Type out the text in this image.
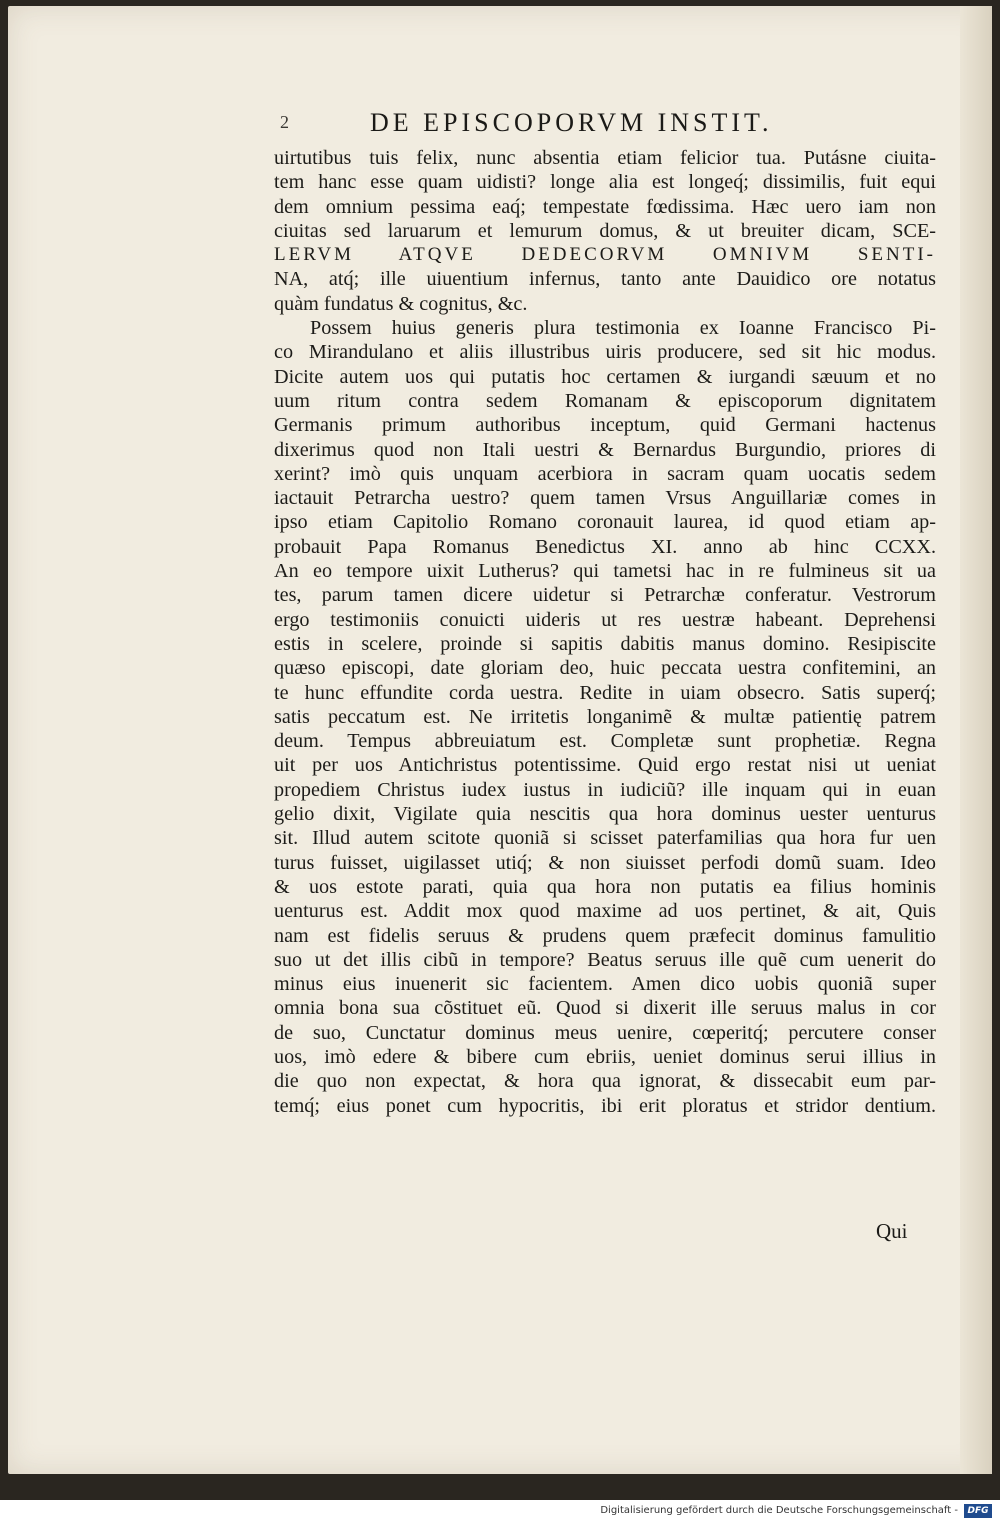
2	DE EPISCOPORVM INSTIT.
uirtutibus tuis felix, nunc absentia etiam felicior tua. Putásne ciuita-
tem hanc esse quam uidisti? longe alia est longeq́; dissimilis, fuit equi
dem omnium pessima eaq́; tempestate fœdissima. Hæc uero iam non
ciuitas sed laruarum et lemurum domus, & ut breuiter dicam, SCE-
LERVM ATQVE DEDECORVM OMNIVM SENTI-
NA, atq́; ille uiuentium infernus, tanto ante Dauidico ore notatus
quàm fundatus & cognitus, &c.
Possem huius generis plura testimonia ex Ioanne Francisco Pi-
co Mirandulano et aliis illustribus uiris producere, sed sit hic modus.
Dicite autem uos qui putatis hoc certamen & iurgandi sæuum et no
uum ritum contra sedem Romanam & episcoporum dignitatem
Germanis primum authoribus inceptum, quid Germani hactenus
dixerimus quod non Itali uestri & Bernardus Burgundio, priores di
xerint? imò quis unquam acerbiora in sacram quam uocatis sedem
iactauit Petrarcha uestro? quem tamen Vrsus Anguillariæ comes in
ipso etiam Capitolio Romano coronauit laurea, id quod etiam ap-
probauit Papa Romanus Benedictus XI. anno ab hinc CCXX.
An eo tempore uixit Lutherus? qui tametsi hac in re fulmineus sit ua
tes, parum tamen dicere uidetur si Petrarchæ conferatur. Vestrorum
ergo testimoniis conuicti uideris ut res uestræ habeant. Deprehensi
estis in scelere, proinde si sapitis dabitis manus domino. Resipiscite
quæso episcopi, date gloriam deo, huic peccata uestra confitemini, an
te hunc effundite corda uestra. Redite in uiam obsecro. Satis superq́;
satis peccatum est. Ne irritetis longanimẽ & multæ patientię patrem
deum. Tempus abbreuiatum est. Completæ sunt prophetiæ. Regna
uit per uos Antichristus potentissime. Quid ergo restat nisi ut ueniat
propediem Christus iudex iustus in iudiciũ? ille inquam qui in euan
gelio dixit, Vigilate quia nescitis qua hora dominus uester uenturus
sit. Illud autem scitote quoniã si scisset paterfamilias qua hora fur uen
turus fuisset, uigilasset utiq́; & non siuisset perfodi domũ suam. Ideo
& uos estote parati, quia qua hora non putatis ea filius hominis
uenturus est. Addit mox quod maxime ad uos pertinet, & ait, Quis
nam est fidelis seruus & prudens quem præfecit dominus famulitio
suo ut det illis cibũ in tempore? Beatus seruus ille quẽ cum uenerit do
minus eius inuenerit sic facientem. Amen dico uobis quoniã super
omnia bona sua cõstituet eũ. Quod si dixerit ille seruus malus in cor
de suo, Cunctatur dominus meus uenire, cœperitq́; percutere conser
uos, imò edere & bibere cum ebriis, ueniet dominus serui illius in
die quo non expectat, & hora qua ignorat, & dissecabit eum par-
temq́; eius ponet cum hypocritis, ibi erit ploratus et stridor dentium.
Qui
Digitalisierung gefördert durch die Deutsche Forschungsgemeinschaft -	DFG
